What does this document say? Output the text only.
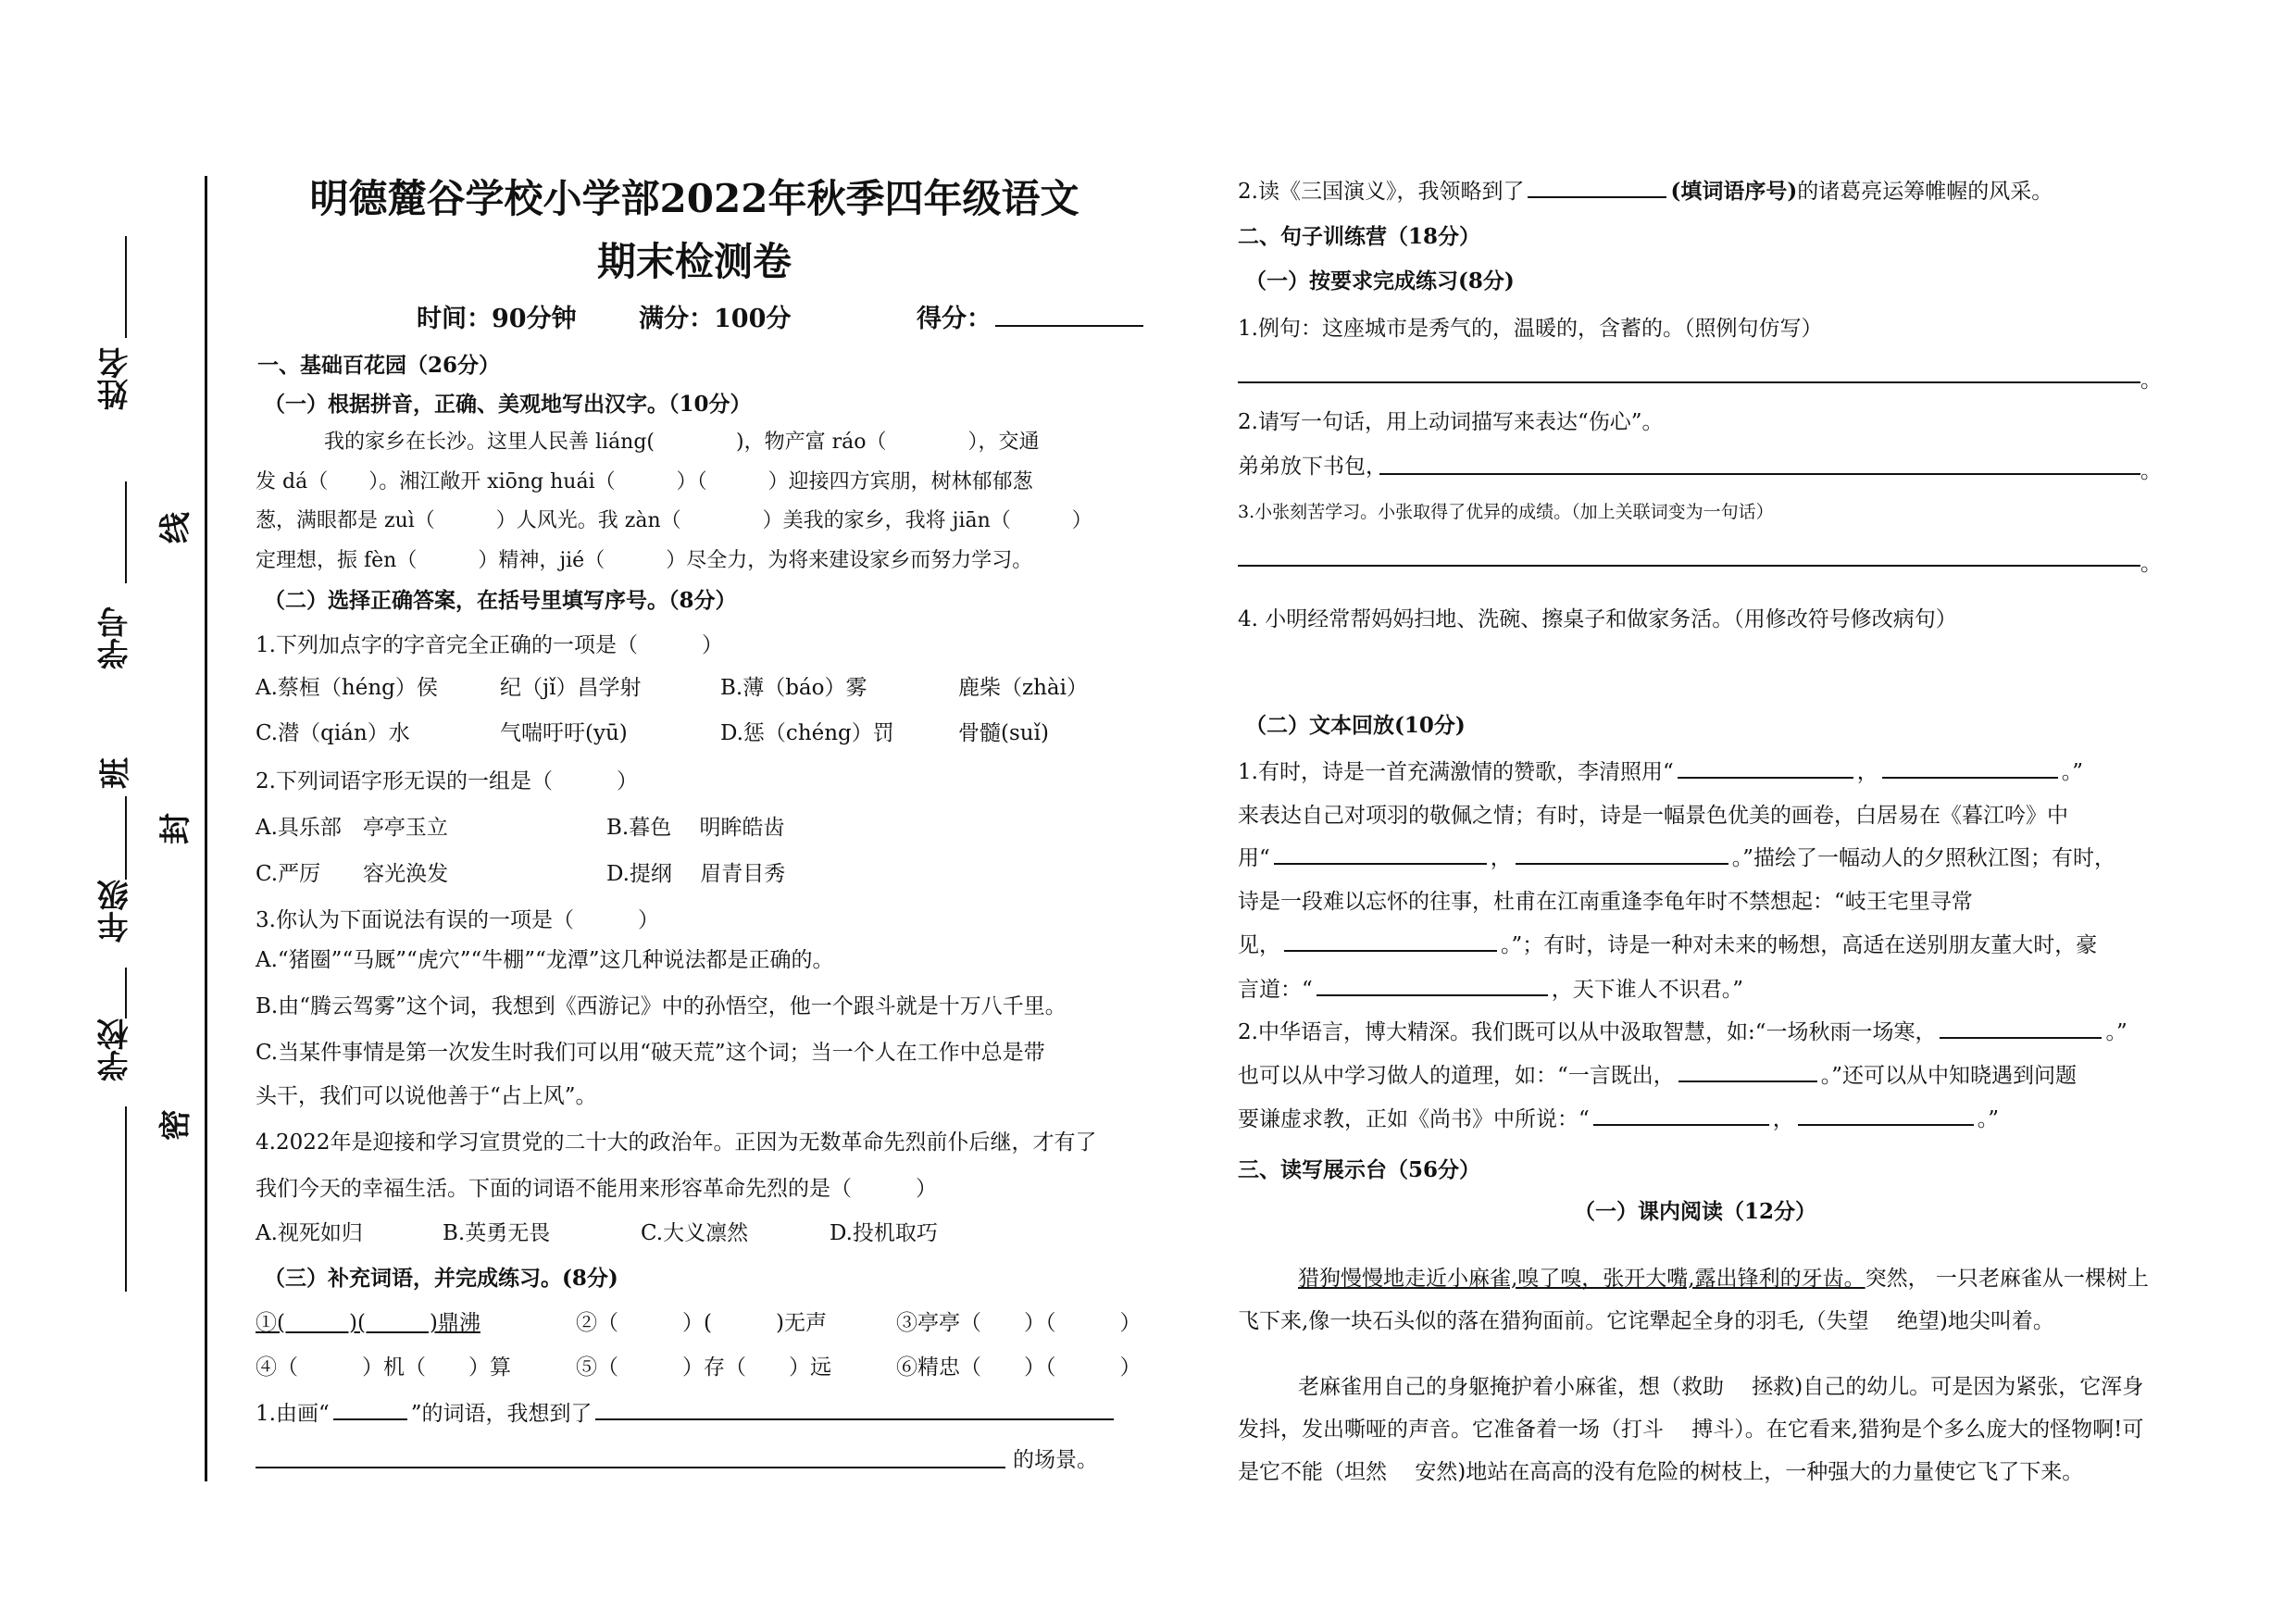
姓名
学号
班
年级
学校
线
封
密
明德麓谷学校小学部2022年秋季四年级语文
期末检测卷
时间：90分钟 满分：100分	得分：
一、基础百花园（26分）
（一）根据拼音，正确、美观地写出汉字。（10分）
我的家乡在长沙。这里人民善 liáng(　　　　)，物产富 ráo（　　　　），交通
发 dá（　　）。湘江敞开 xiōng huái（　　　）（　　　）迎接四方宾朋，树林郁郁葱
葱，满眼都是 zuì（　　　）人风光。我 zàn（　　　　）美我的家乡，我将 jiān（　　　）
定理想，振 fèn（　　　）精神，jié（　　　）尽全力，为将来建设家乡而努力学习。
（二）选择正确答案，在括号里填写序号。（8分）
1.下列加点字的字音完全正确的一项是（　　　）
A.蔡桓（héng）侯	纪（jǐ）昌学射	B.薄（báo）雾	鹿柴（zhài）
C.潜（qián）水	气喘吁吁(yū)	D.惩（chéng）罚	骨髓(suǐ)
2.下列词语字形无误的一组是（　　　）
A.具乐部　亭亭玉立	B.暮色　 明眸皓齿
C.严厉　　容光涣发	D.提纲　 眉青目秀
3.你认为下面说法有误的一项是（　　　）
A.“猪圈”“马厩”“虎穴”“牛棚”“龙潭”这几种说法都是正确的。
B.由“腾云驾雾”这个词，我想到《西游记》中的孙悟空，他一个跟斗就是十万八千里。
C.当某件事情是第一次发生时我们可以用“破天荒”这个词；当一个人在工作中总是带
头干，我们可以说他善于“占上风”。
4.2022年是迎接和学习宣贯党的二十大的政治年。正因为无数革命先烈前仆后继，才有了
我们今天的幸福生活。下面的词语不能用来形容革命先烈的是（　　　）
A.视死如归	B.英勇无畏	C.大义凛然	D.投机取巧
（三）补充词语，并完成练习。(8分)
①(　　　)(　　　)鼎沸	②（　　　）(　　　)无声	③亭亭（　　）（　　　）
④（　　　）机（　　）算	⑤（　　　）存（　　）远	⑥精忠（　　）（　　　）
1.由画“	”的词语，我想到了
的场景。
2.读《三国演义》，我领略到了	(填词语序号)的诸葛亮运筹帷幄的风采。
二、句子训练营（18分）
（一）按要求完成练习(8分)
1.例句：这座城市是秀气的，温暖的，含蓄的。（照例句仿写）
。
2.请写一句话，用上动词描写来表达“伤心”。
弟弟放下书包，	。
3.小张刻苦学习。小张取得了优异的成绩。（加上关联词变为一句话）
。
4. 小明经常帮妈妈扫地、洗碗、擦桌子和做家务活。（用修改符号修改病句）
（二）文本回放(10分)
1.有时，诗是一首充满激情的赞歌，李清照用“	，	。”
来表达自己对项羽的敬佩之情；有时，诗是一幅景色优美的画卷，白居易在《暮江吟》中
用“	，	。”描绘了一幅动人的夕照秋江图；有时，
诗是一段难以忘怀的往事，杜甫在江南重逢李龟年时不禁想起：“岐王宅里寻常
见，	。”；有时，诗是一种对未来的畅想，高适在送别朋友董大时，豪
言道：“	，天下谁人不识君。”
2.中华语言，博大精深。我们既可以从中汲取智慧，如:“一场秋雨一场寒，	。”
也可以从中学习做人的道理，如：“一言既出，	。”还可以从中知晓遇到问题
要谦虚求教，正如《尚书》中所说：“	，	。”
三、读写展示台（56分）
（一）课内阅读（12分）
猎狗慢慢地走近小麻雀,嗅了嗅，张开大嘴,露出锋利的牙齿。突然， 一只老麻雀从一棵树上飞下来,像一块石头似的落在猎狗面前。它诧犟起全身的羽毛,（失望　 绝望)地尖叫着。
老麻雀用自己的身躯掩护着小麻雀，想（救助　 拯救)自己的幼儿。可是因为紧张，它浑身发抖，发出嘶哑的声音。它准备着一场（打斗　 搏斗）。在它看来,猎狗是个多么庞大的怪物啊!可是它不能（坦然　 安然)地站在高高的没有危险的树枝上，一种强大的力量使它飞了下来。
